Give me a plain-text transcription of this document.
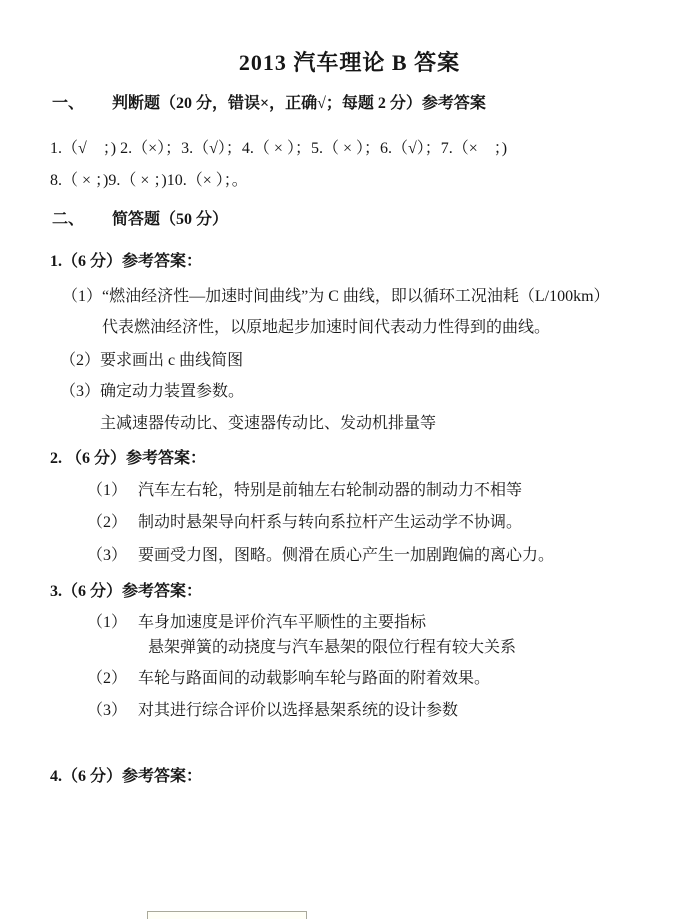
2013 汽车理论 B 答案
一、 判断题（20 分，错误×，正确√；每题 2 分）参考答案
1.（√　；) 2.（×）；3.（√）；4.（ × ）；5.（ × ）；6.（√）；7.（×　；)
8.（ × ；)9.（ × ；)10.（× ）；。
二、 简答题（50 分）
1.（6 分）参考答案：
（1）“燃油经济性—加速时间曲线”为 C 曲线，即以循环工况油耗（L/100km）
代表燃油经济性，以原地起步加速时间代表动力性得到的曲线。
（2）要求画出 c 曲线简图
（3）确定动力装置参数。
主减速器传动比、变速器传动比、发动机排量等
2. （6 分）参考答案：
（1） 汽车左右轮，特别是前轴左右轮制动器的制动力不相等
（2） 制动时悬架导向杆系与转向系拉杆产生运动学不协调。
（3） 要画受力图，图略。侧滑在质心产生一加剧跑偏的离心力。
3.（6 分）参考答案：
（1） 车身加速度是评价汽车平顺性的主要指标
悬架弹簧的动挠度与汽车悬架的限位行程有较大关系
（2） 车轮与路面间的动载影响车轮与路面的附着效果。
（3） 对其进行综合评价以选择悬架系统的设计参数
4.（6 分）参考答案：
